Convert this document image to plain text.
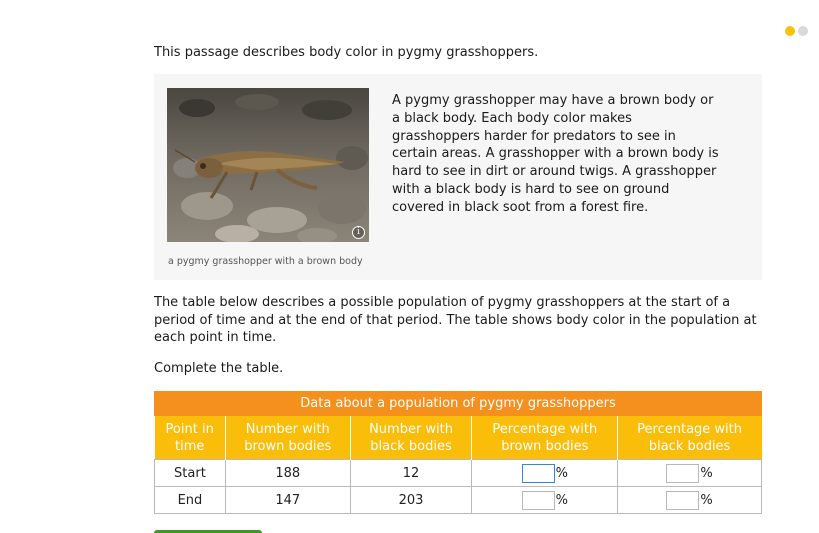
This passage describes body color in pygmy grasshoppers.

i
a pygmy grasshopper with a brown body

A pygmy grasshopper may have a brown body or a black body. Each body color makes grasshoppers harder for predators to see in certain areas. A grasshopper with a brown body is hard to see in dirt or around twigs. A grasshopper with a black body is hard to see on ground covered in black soot from a forest fire.

The table below describes a possible population of pygmy grasshoppers at the start of a period of time and at the end of that period. The table shows body color in the population at each point in time.

Complete the table.

Data about a population of pygmy grasshoppers				
Point in time	Number with brown bodies	Number with black bodies	Percentage with brown bodies	Percentage with black bodies
Start	188	12	%	%
End	147	203	%	%
